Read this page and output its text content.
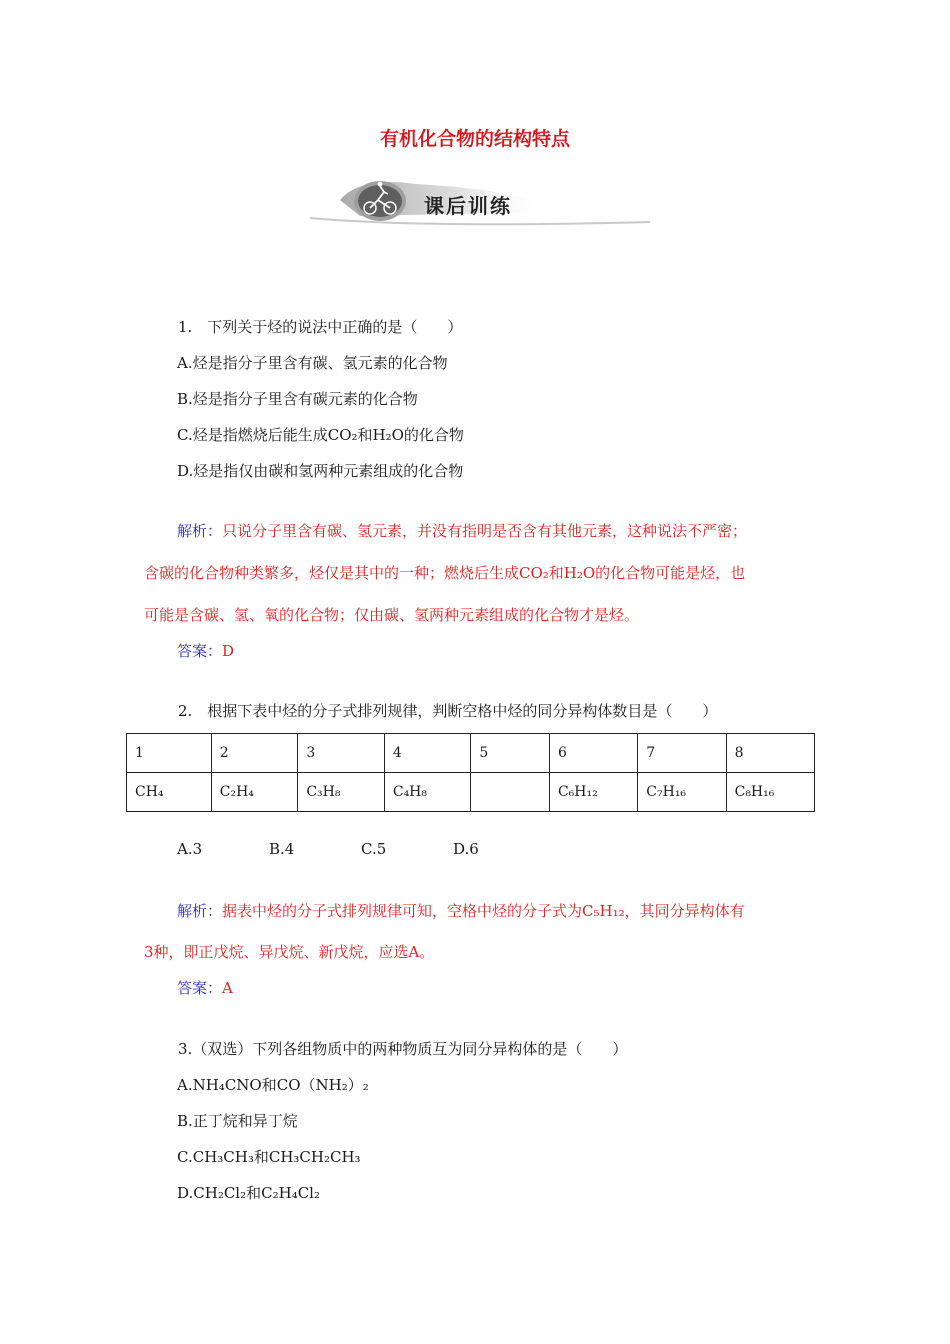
有机化合物的结构特点
课后训练
1.　下列关于烃的说法中正确的是（　　）
A.烃是指分子里含有碳、氢元素的化合物
B.烃是指分子里含有碳元素的化合物
C.烃是指燃烧后能生成CO₂和H₂O的化合物
D.烃是指仅由碳和氢两种元素组成的化合物
解析：只说分子里含有碳、氢元素，并没有指明是否含有其他元素，这种说法不严密；
含碳的化合物种类繁多，烃仅是其中的一种；燃烧后生成CO₂和H₂O的化合物可能是烃，也
可能是含碳、氢、氧的化合物；仅由碳、氢两种元素组成的化合物才是烃。
答案：D
2.　根据下表中烃的分子式排列规律，判断空格中烃的同分异构体数目是（　　）
1	2	3	4	5	6	7	8
CH₄	C₂H₄	C₃H₈	C₄H₈		C₆H₁₂	C₇H₁₆	C₈H₁₆
A.3	B.4	C.5	D.6
解析：据表中烃的分子式排列规律可知，空格中烃的分子式为C₅H₁₂，其同分异构体有
3种，即正戊烷、异戊烷、新戊烷，应选A。
答案：A
3.（双选）下列各组物质中的两种物质互为同分异构体的是（　　）
A.NH₄CNO和CO（NH₂）₂
B.正丁烷和异丁烷
C.CH₃CH₃和CH₃CH₂CH₃
D.CH₂Cl₂和C₂H₄Cl₂
